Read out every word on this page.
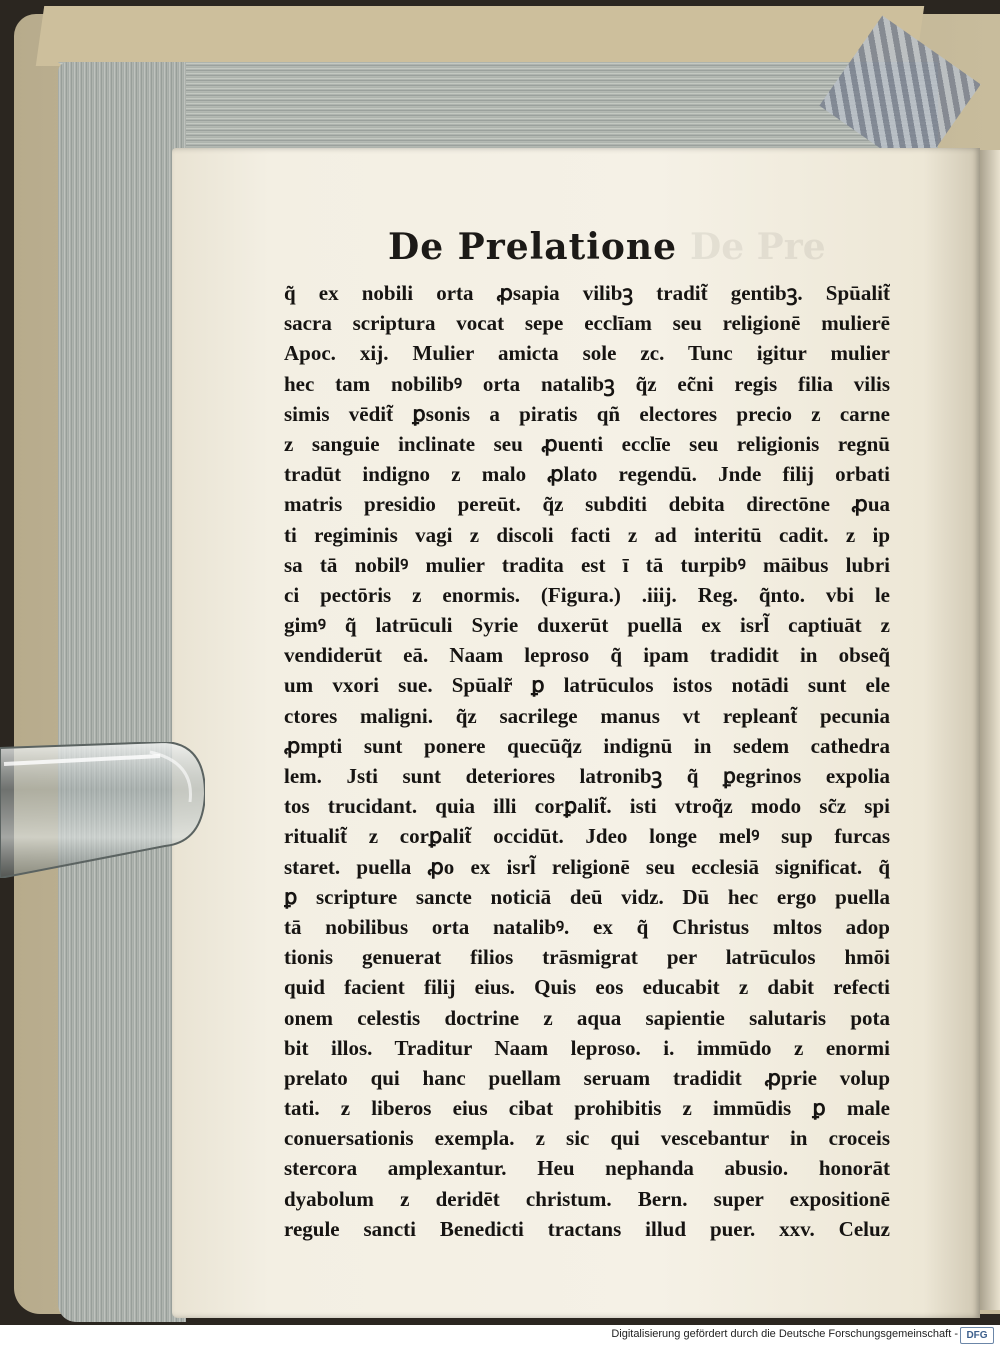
De Pre
De Prelatione
q̃ ex nobili orta ꝓsapia vilibꝫ tradit̃ gentibꝫ. Spūalit̃
sacra scriptura vocat sepe ecclīam seu religionē mulierē
Apoc. xij. Mulier amicta sole zc. Tunc igitur mulier
hec tam nobilibꝰ orta natalibꝫ q̃z ec̃ni regis filia vilis
simis vēdit̃ ꝑsonis a piratis qñ electores precio z carne
z sanguie inclinate seu ꝓuenti ecclīe seu religionis regnū
tradūt indigno z malo ꝓlato regendū. Jnde filij orbati
matris presidio pereūt. q̃z subditi debita directōne ꝓua
ti regiminis vagi z discoli facti z ad interitū cadit. z ip
sa tā nobilꝰ mulier tradita est ī tā turpibꝰ māibus lubri
ci pectōris z enormis. (Figura.) .iiij. Reg. q̃nto. vbi le
gimꝰ q̃ latrūculi Syrie duxerūt puellā ex isrl̃ captiuāt z
vendiderūt eā. Naam leproso q̃ ipam tradidit in obseq̃
um vxori sue. Spūalr̃ ꝑ latrūculos istos notādi sunt ele
ctores maligni. q̃z sacrilege manus vt repleant̃ pecunia
ꝓmpti sunt ponere quecūq̃z indignū in sedem cathedra
lem. Jsti sunt deteriores latronibꝫ q̃ ꝑegrinos expolia
tos trucidant. quia illi corꝑalit̃. isti vtroq̃z modo sc̃z spi
ritualit̃ z corꝑalit̃ occidūt. Jdeo longe melꝰ sup furcas
staret. puella ꝓo ex isrl̃ religionē seu ecclesiā significat. q̃
ꝑ scripture sancte noticiā deū vidz. Dū hec ergo puella
tā nobilibus orta natalibꝰ. ex q̃ Christus mltos adop
tionis genuerat filios trāsmigrat per latrūculos hmōi
quid facient filij eius. Quis eos educabit z dabit refecti
onem celestis doctrine z aqua sapientie salutaris pota
bit illos. Traditur Naam leproso. i. immūdo z enormi
prelato qui hanc puellam seruam tradidit ꝓprie volup
tati. z liberos eius cibat prohibitis z immūdis ꝑ male
conuersationis exempla. z sic qui vescebantur in croceis
stercora amplexantur. Heu nephanda abusio. honorāt
dyabolum z deridēt christum. Bern. super expositionē
regule sancti Benedicti tractans illud puer. xxv. Celuz
Digitalisierung gefördert durch die Deutsche Forschungsgemeinschaft - DFG
